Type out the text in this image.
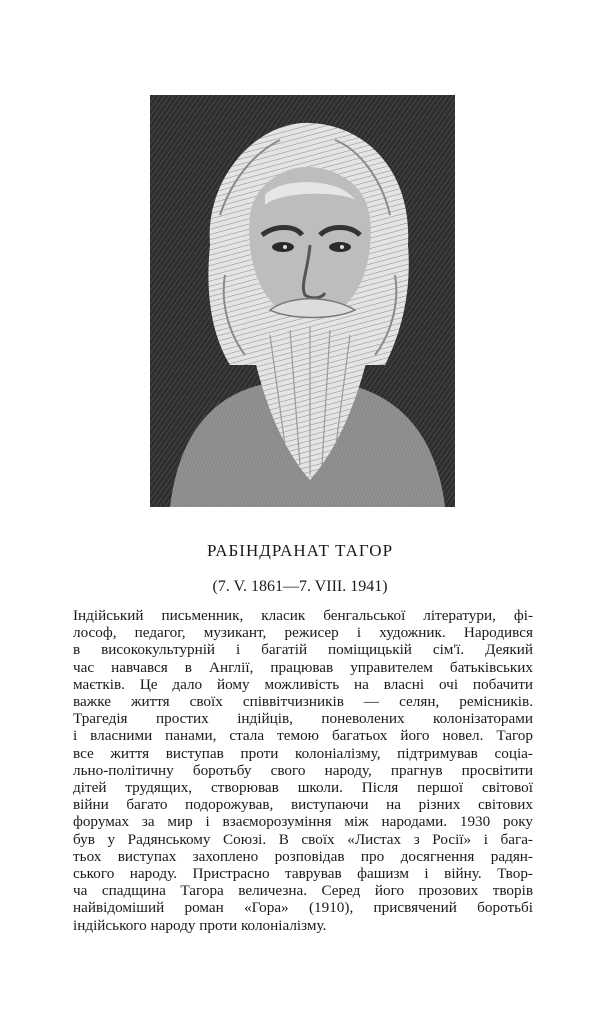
РАБІНДРАНАТ ТАГОР
(7. V. 1861—7. VIII. 1941)
Індійський письменник, класик бенгальської літератури, фі-
лософ, педагог, музикант, режисер і художник. Народився
в висококультурній і багатій поміщицькій сім'ї. Деякий
час навчався в Англії, працював управителем батьківських
маєтків. Це дало йому можливість на власні очі побачити
важке життя своїх співвітчизників — селян, ремісників.
Трагедія простих індійців, поневолених колонізаторами
і власними панами, стала темою багатьох його новел. Тагор
все життя виступав проти колоніалізму, підтримував соціа-
льно-політичну боротьбу свого народу, прагнув просвітити
дітей трудящих, створював школи. Після першої світової
війни багато подорожував, виступаючи на різних світових
форумах за мир і взаєморозуміння між народами. 1930 року
був у Радянському Союзі. В своїх «Листах з Росії» і бага-
тьох виступах захоплено розповідав про досягнення радян-
ського народу. Пристрасно таврував фашизм і війну. Твор-
ча спадщина Тагора величезна. Серед його прозових творів
найвідоміший роман «Гора» (1910), присвячений боротьбі
індійського народу проти колоніалізму.
